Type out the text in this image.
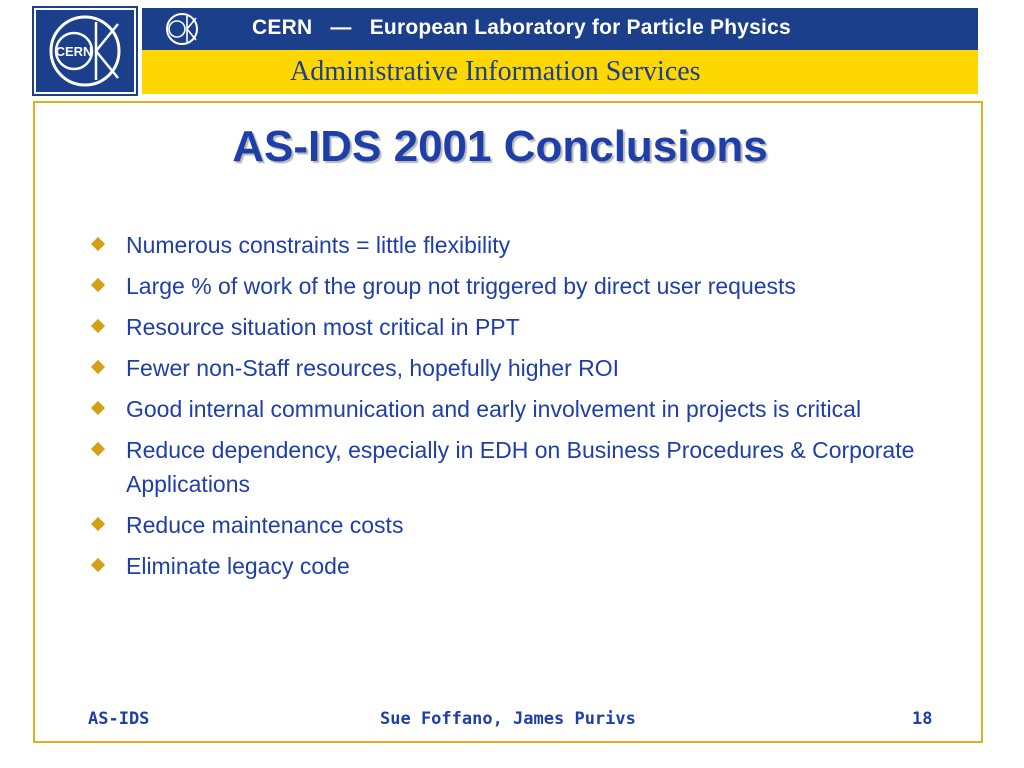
CERN
CERN   —   European Laboratory for Particle Physics
Administrative Information Services
AS-IDS 2001 Conclusions
Numerous constraints = little flexibility
Large % of work of the group not triggered by direct user requests
Resource situation most critical in PPT
Fewer non-Staff resources, hopefully higher ROI
Good internal communication and early involvement in projects is critical
Reduce dependency, especially in EDH on Business Procedures & Corporate Applications
Reduce maintenance costs
Eliminate legacy code
AS-IDS	Sue Foffano, James Purivs	18
